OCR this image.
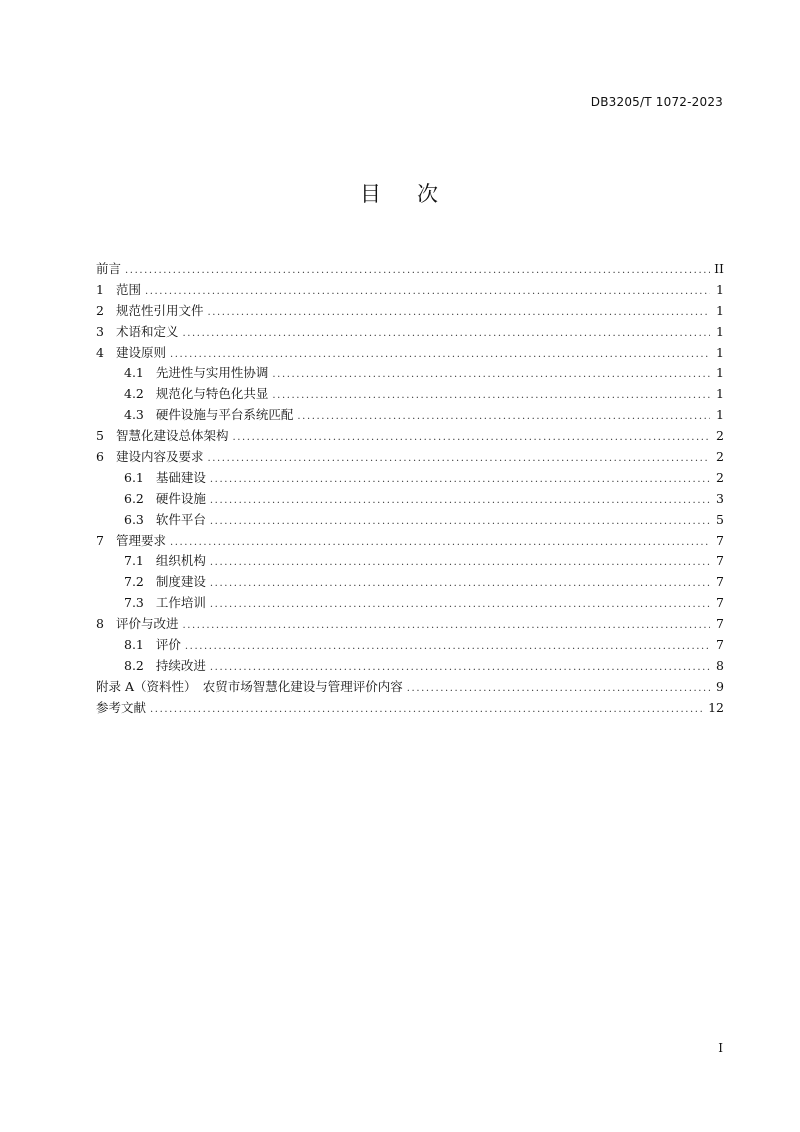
DB3205/T 1072-2023
目 次
前言 .....	II
1 范围 .....	1
2 规范性引用文件 .....	1
3 术语和定义 .....	1
4 建设原则 .....	1
4.1 先进性与实用性协调 .....	1
4.2 规范化与特色化共显 .....	1
4.3 硬件设施与平台系统匹配 .....	1
5 智慧化建设总体架构 .....	2
6 建设内容及要求 .....	2
6.1 基础建设 .....	2
6.2 硬件设施 .....	3
6.3 软件平台 .....	5
7 管理要求 .....	7
7.1 组织机构 .....	7
7.2 制度建设 .....	7
7.3 工作培训 .....	7
8 评价与改进 .....	7
8.1 评价 .....	7
8.2 持续改进 .....	8
附录 A（资料性）　农贸市场智慧化建设与管理评价内容 .....	9
参考文献 .....	12
I
